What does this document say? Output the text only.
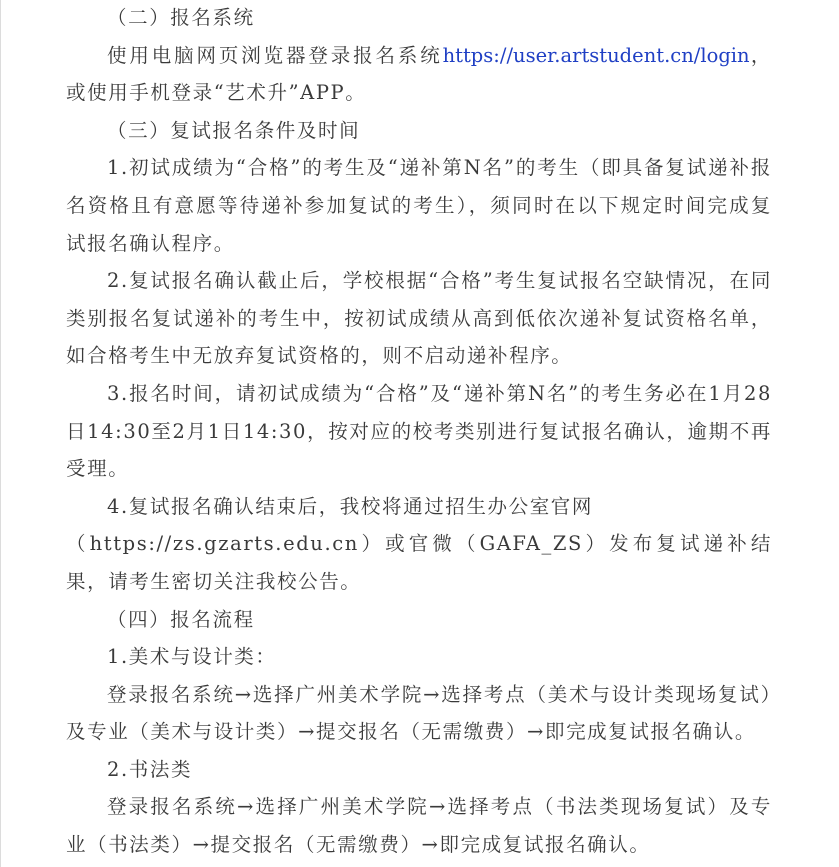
（二）报名系统

使用电脑网页浏览器登录报名系统https://user.artstudent.cn/login，或使用手机登录“艺术升”APP。

（三）复试报名条件及时间

1.初试成绩为“合格”的考生及“递补第N名”的考生（即具备复试递补报名资格且有意愿等待递补参加复试的考生），须同时在以下规定时间完成复试报名确认程序。

2.复试报名确认截止后，学校根据“合格”考生复试报名空缺情况，在同类别报名复试递补的考生中，按初试成绩从高到低依次递补复试资格名单，如合格考生中无放弃复试资格的，则不启动递补程序。

3.报名时间，请初试成绩为“合格”及“递补第N名”的考生务必在1月28日14:30至2月1日14:30，按对应的校考类别进行复试报名确认，逾期不再受理。

4.复试报名确认结束后，我校将通过招生办公室官网

（https://zs.gzarts.edu.cn）或官微（GAFA_ZS）发布复试递补结果，请考生密切关注我校公告。

（四）报名流程

1.美术与设计类：

登录报名系统→选择广州美术学院→选择考点（美术与设计类现场复试）及专业（美术与设计类）→提交报名（无需缴费）→即完成复试报名确认。

2.书法类

登录报名系统→选择广州美术学院→选择考点（书法类现场复试）及专业（书法类）→提交报名（无需缴费）→即完成复试报名确认。
